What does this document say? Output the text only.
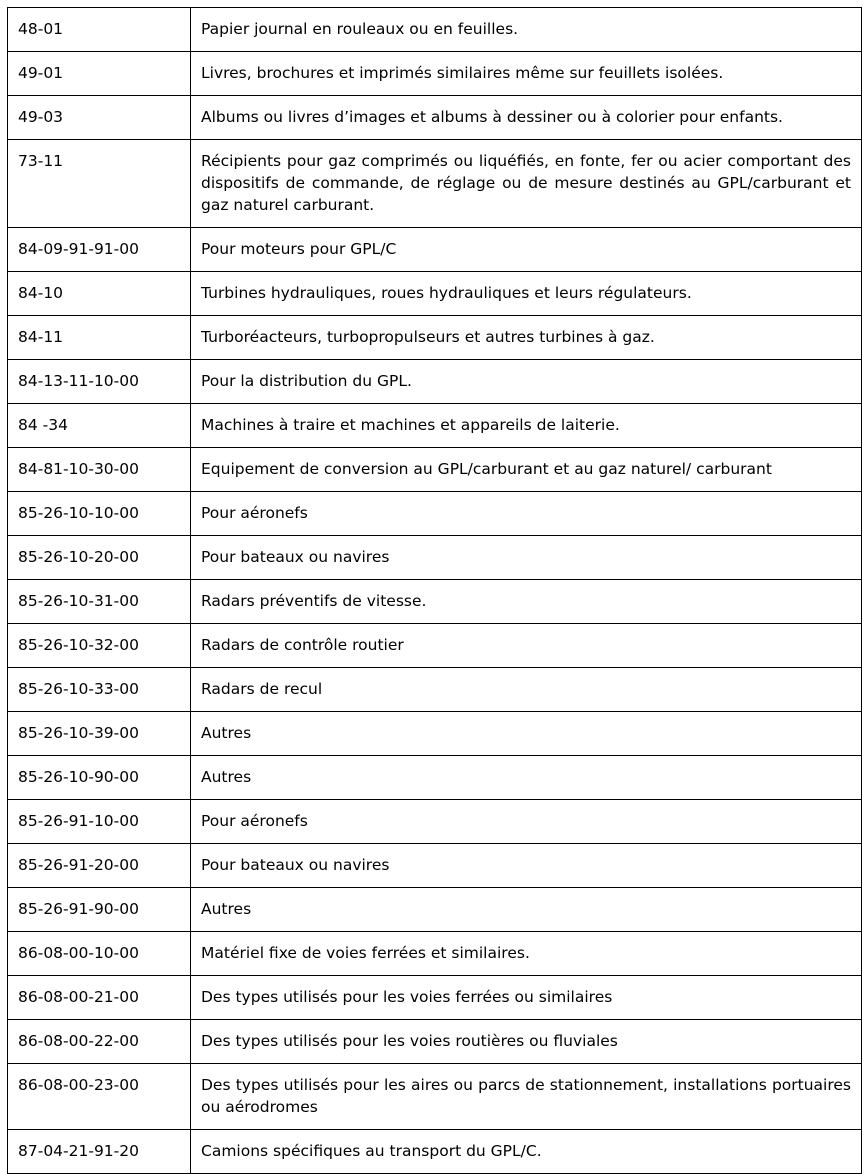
48-01	Papier journal en rouleaux ou en feuilles.
49-01	Livres, brochures et imprimés similaires même sur feuillets isolées.
49-03	Albums ou livres d’images et albums à dessiner ou à colorier pour enfants.
73-11	Récipients pour gaz comprimés ou liquéfiés, en fonte, fer ou acier comportant des dispositifs de commande, de réglage ou de mesure destinés au GPL/carburant et gaz naturel carburant.
84-09-91-91-00	Pour moteurs pour GPL/C
84-10	Turbines hydrauliques, roues hydrauliques et leurs régulateurs.
84-11	Turboréacteurs, turbopropulseurs et autres turbines à gaz.
84-13-11-10-00	Pour la distribution du GPL.
84 -34	Machines à traire et machines et appareils de laiterie.
84-81-10-30-00	Equipement de conversion au GPL/carburant et au gaz naturel/ carburant
85-26-10-10-00	Pour aéronefs
85-26-10-20-00	Pour bateaux ou navires
85-26-10-31-00	Radars préventifs de vitesse.
85-26-10-32-00	Radars de contrôle routier
85-26-10-33-00	Radars de recul
85-26-10-39-00	Autres
85-26-10-90-00	Autres
85-26-91-10-00	Pour aéronefs
85-26-91-20-00	Pour bateaux ou navires
85-26-91-90-00	Autres
86-08-00-10-00	Matériel fixe de voies ferrées et similaires.
86-08-00-21-00	Des types utilisés pour les voies ferrées ou similaires
86-08-00-22-00	Des types utilisés pour les voies routières ou fluviales
86-08-00-23-00	Des types utilisés pour les aires ou parcs de stationnement, installations portuaires ou aérodromes
87-04-21-91-20	Camions spécifiques au transport du GPL/C.
